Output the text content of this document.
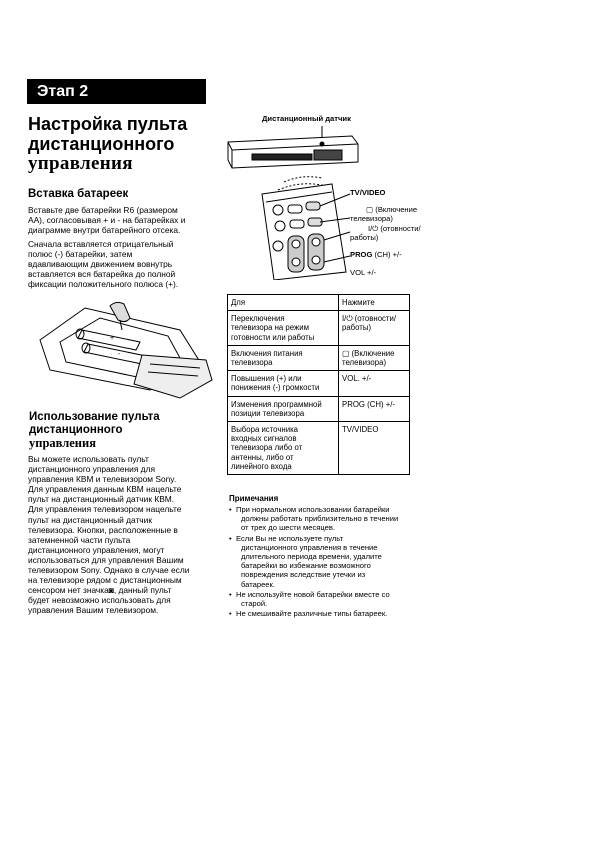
Этап 2
Настройка пульта
дистанционного
управления
Вставка батареек

Вставьте две батарейки R6 (размером
АА), согласовывая + и - на батарейках и
диаграмме внутри батарейного отсека.

Сначала вставляется отрицательный
полюс (-) батарейки, затем
вдавливающим движением вовнутрь
вставляется вся батарейка до полной
фиксации положительного полюса (+).

+
-
Использование пульта
дистанционного
управления
Вы можете использовать пульт
дистанционного управления для
управления КВМ и телевизором Sony.
Для управления данным КВМ нацельте
пульт на дистанционный датчик КВМ.
Для управления телевизором нацельте
пульт на дистанционный датчик
телевизора. Кнопки, расположенные в
затемненной части пульта
дистанционного управления, могут
использоваться для управления Вашим
телевизором Sony. Однако в случае если
на телевизоре рядом с дистанционным
сенсором нет значка◙, данный пульт
будет невозможно использовать для
управления Вашим телевизором.
Дистанционный датчик
TV/VIDEO
▢ (Включение
телевизора)
Ι/⏻ (отовности/
работы)
PROG (CH) +/-
VOL +/-
Для	Нажмите

Переключения
телевизора на режим
готовности или работы	Ι/⏻ (отовности/
работы)

Включения питания
телевизора	▢ (Включение
телевизора)

Повышения (+) или
понижения (-) громкости	VOL. +/-

Изменения программной
позиции телевизора	PROG (CH) +/-

Выбора источника
входных сигналов
телевизора либо от
антенны, либо от
линейного входа	TV/VIDEO
Примечания
• При нормальном использовании батарейки
должны работать приблизительно в течении
от трех до шести месяцев.
• Если Вы не используете пульт
дистанционного управления в течение
длительного периода времени, удалите
батарейки во избежание возможного
повреждения вследствие утечки из
батареек.
• Не используйте новой батарейки вместе со
старой.
• Не смешивайте различные типы батареек.
